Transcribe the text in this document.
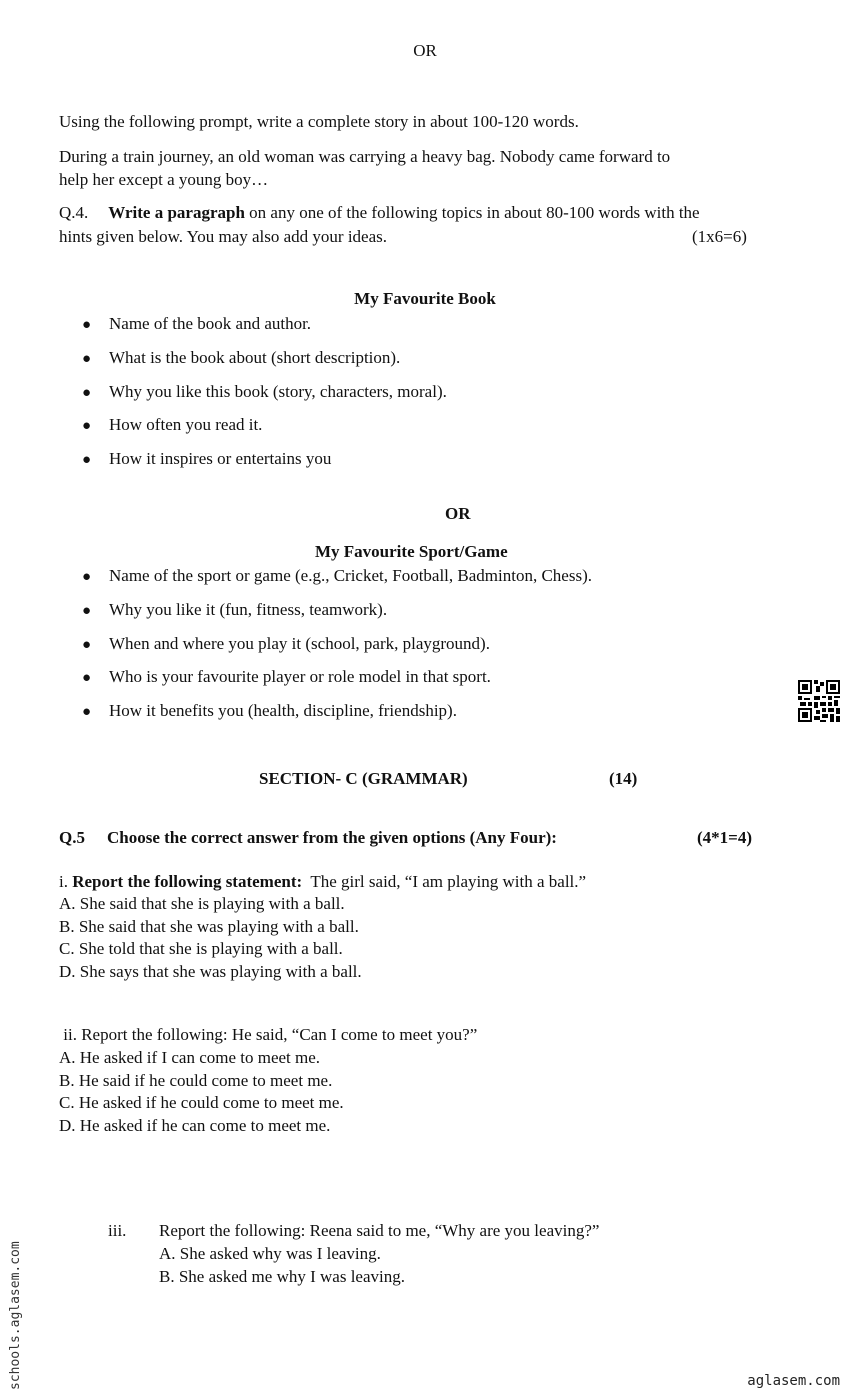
OR
Using the following prompt, write a complete story in about 100-120 words.
During a train journey, an old woman was carrying a heavy bag. Nobody came forward to
help her except a young boy…
Q.4. Write a paragraph on any one of the following topics in about 80-100 words with the
hints given below. You may also add your ideas.	(1x6=6)
My Favourite Book
● Name of the book and author.
● What is the book about (short description).
● Why you like this book (story, characters, moral).
● How often you read it.
● How it inspires or entertains you
OR
My Favourite Sport/Game
● Name of the sport or game (e.g., Cricket, Football, Badminton, Chess).
● Why you like it (fun, fitness, teamwork).
● When and where you play it (school, park, playground).
● Who is your favourite player or role model in that sport.
● How it benefits you (health, discipline, friendship).
SECTION- C (GRAMMAR)	(14)
Q.5 Choose the correct answer from the given options (Any Four):	(4*1=4)
i. Report the following statement:  The girl said, “I am playing with a ball.”
A. She said that she is playing with a ball.
B. She said that she was playing with a ball.
C. She told that she is playing with a ball.
D. She says that she was playing with a ball.
ii. Report the following: He said, “Can I come to meet you?”
A. He asked if I can come to meet me.
B. He said if he could come to meet me.
C. He asked if he could come to meet me.
D. He asked if he can come to meet me.
iii. Report the following: Reena said to me, “Why are you leaving?”
A. She asked why was I leaving.
B. She asked me why I was leaving.
schools.aglasem.com	aglasem.com
